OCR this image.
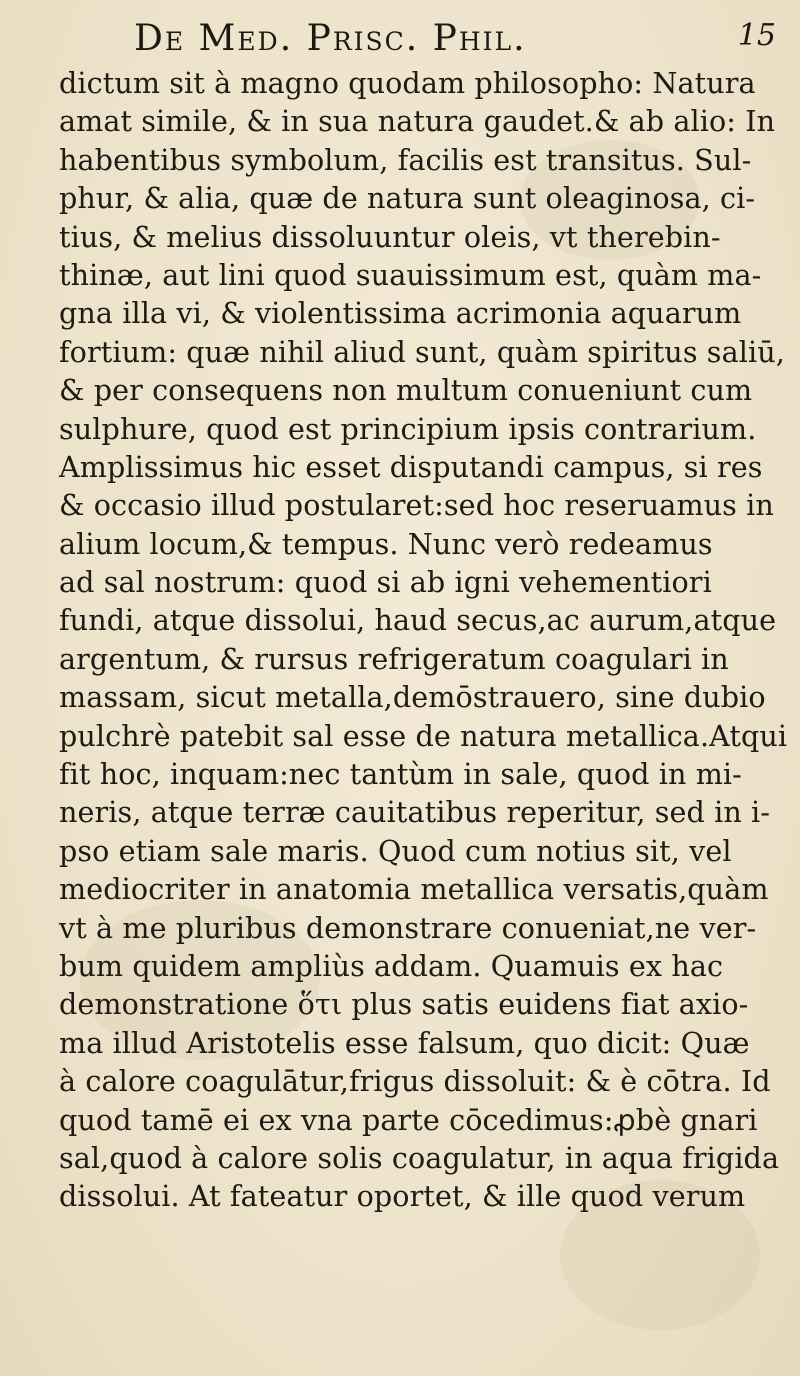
De Med. Prisc. Phil.	15
dictum sit à magno quodam philosopho: Natura
amat simile, & in sua natura gaudet.& ab alio: In
habentibus symbolum, facilis est transitus. Sul-
phur, & alia, quæ de natura sunt oleaginosa, ci-
tius, & melius dissoluuntur oleis, vt therebin-
thinæ, aut lini quod suauissimum est, quàm ma-
gna illa vi, & violentissima acrimonia aquarum
fortium: quæ nihil aliud sunt, quàm spiritus saliū,
& per consequens non multum conueniunt cum
sulphure, quod est principium ipsis contrarium.
Amplissimus hic esset disputandi campus, si res
& occasio illud postularet:sed hoc reseruamus in
alium locum,& tempus. Nunc verò redeamus
ad sal nostrum: quod si ab igni vehementiori
fundi, atque dissolui, haud secus,ac aurum,atque
argentum, & rursus refrigeratum coagulari in
massam, sicut metalla,demōstrauero, sine dubio
pulchrè patebit sal esse de natura metallica.Atqui
fit hoc, inquam:nec tantùm in sale, quod in mi-
neris, atque terræ cauitatibus reperitur, sed in i-
pso etiam sale maris. Quod cum notius sit, vel
mediocriter in anatomia metallica versatis,quàm
vt à me pluribus demonstrare conueniat,ne ver-
bum quidem ampliùs addam. Quamuis ex hac
demonstratione ὅτι plus satis euidens fiat axio-
ma illud Aristotelis esse falsum, quo dicit: Quæ
à calore coagulātur,frigus dissoluit: & è cōtra. Id
quod tamē ei ex vna parte cōcedimus:ꝓbè gnari
sal,quod à calore solis coagulatur, in aqua frigida
dissolui. At fateatur oportet, & ille quod verum
